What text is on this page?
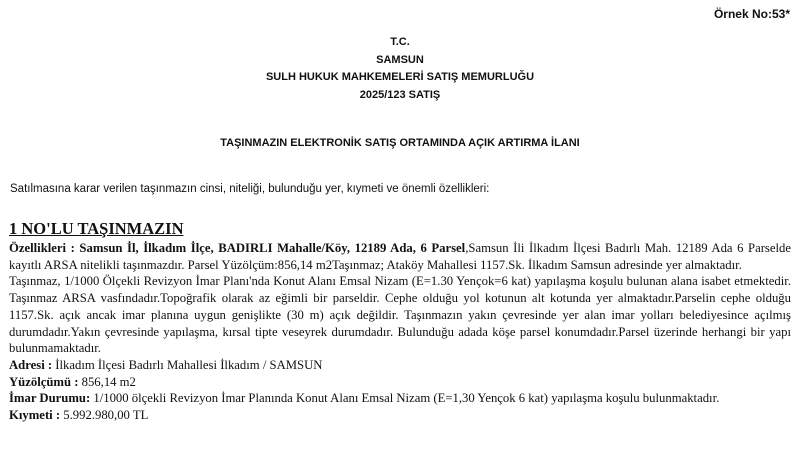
Örnek No:53*
T.C.
SAMSUN
SULH HUKUK MAHKEMELERİ SATIŞ MEMURLUĞU
2025/123 SATIŞ
TAŞINMAZIN ELEKTRONİK SATIŞ ORTAMINDA AÇIK ARTIRMA İLANI
Satılmasına karar verilen taşınmazın cinsi, niteliği, bulunduğu yer, kıymeti ve önemli özellikleri:
1 NO'LU TAŞINMAZIN

Özellikleri : Samsun İl, İlkadım İlçe, BADIRLI Mahalle/Köy, 12189 Ada, 6 Parsel,Samsun İli İlkadım İlçesi Badırlı Mah. 12189 Ada 6 Parselde kayıtlı ARSA nitelikli taşınmazdır. Parsel Yüzölçüm:856,14 m2Taşınmaz; Ataköy Mahallesi 1157.Sk. İlkadım Samsun adresinde yer almaktadır.

Taşınmaz, 1/1000 Ölçekli Revizyon İmar Planı'nda Konut Alanı Emsal Nizam (E=1.30 Yençok=6 kat) yapılaşma koşulu bulunan alana isabet etmektedir. Taşınmaz ARSA vasfındadır.Topoğrafik olarak az eğimli bir parseldir. Cephe olduğu yol kotunun alt kotunda yer almaktadır.Parselin cephe olduğu 1157.Sk. açık ancak imar planına uygun genişlikte (30 m) açık değildir. Taşınmazın yakın çevresinde yer alan imar yolları belediyesince açılmış durumdadır.Yakın çevresinde yapılaşma, kırsal tipte veseyrek durumdadır. Bulunduğu adada köşe parsel konumdadır.Parsel üzerinde herhangi bir yapı bulunmamaktadır.

Adresi : İlkadım İlçesi Badırlı Mahallesi İlkadım / SAMSUN

Yüzölçümü : 856,14 m2

İmar Durumu: 1/1000 ölçekli Revizyon İmar Planında Konut Alanı Emsal Nizam (E=1,30 Yençok 6 kat) yapılaşma koşulu bulunmaktadır.

Kıymeti : 5.992.980,00 TL
